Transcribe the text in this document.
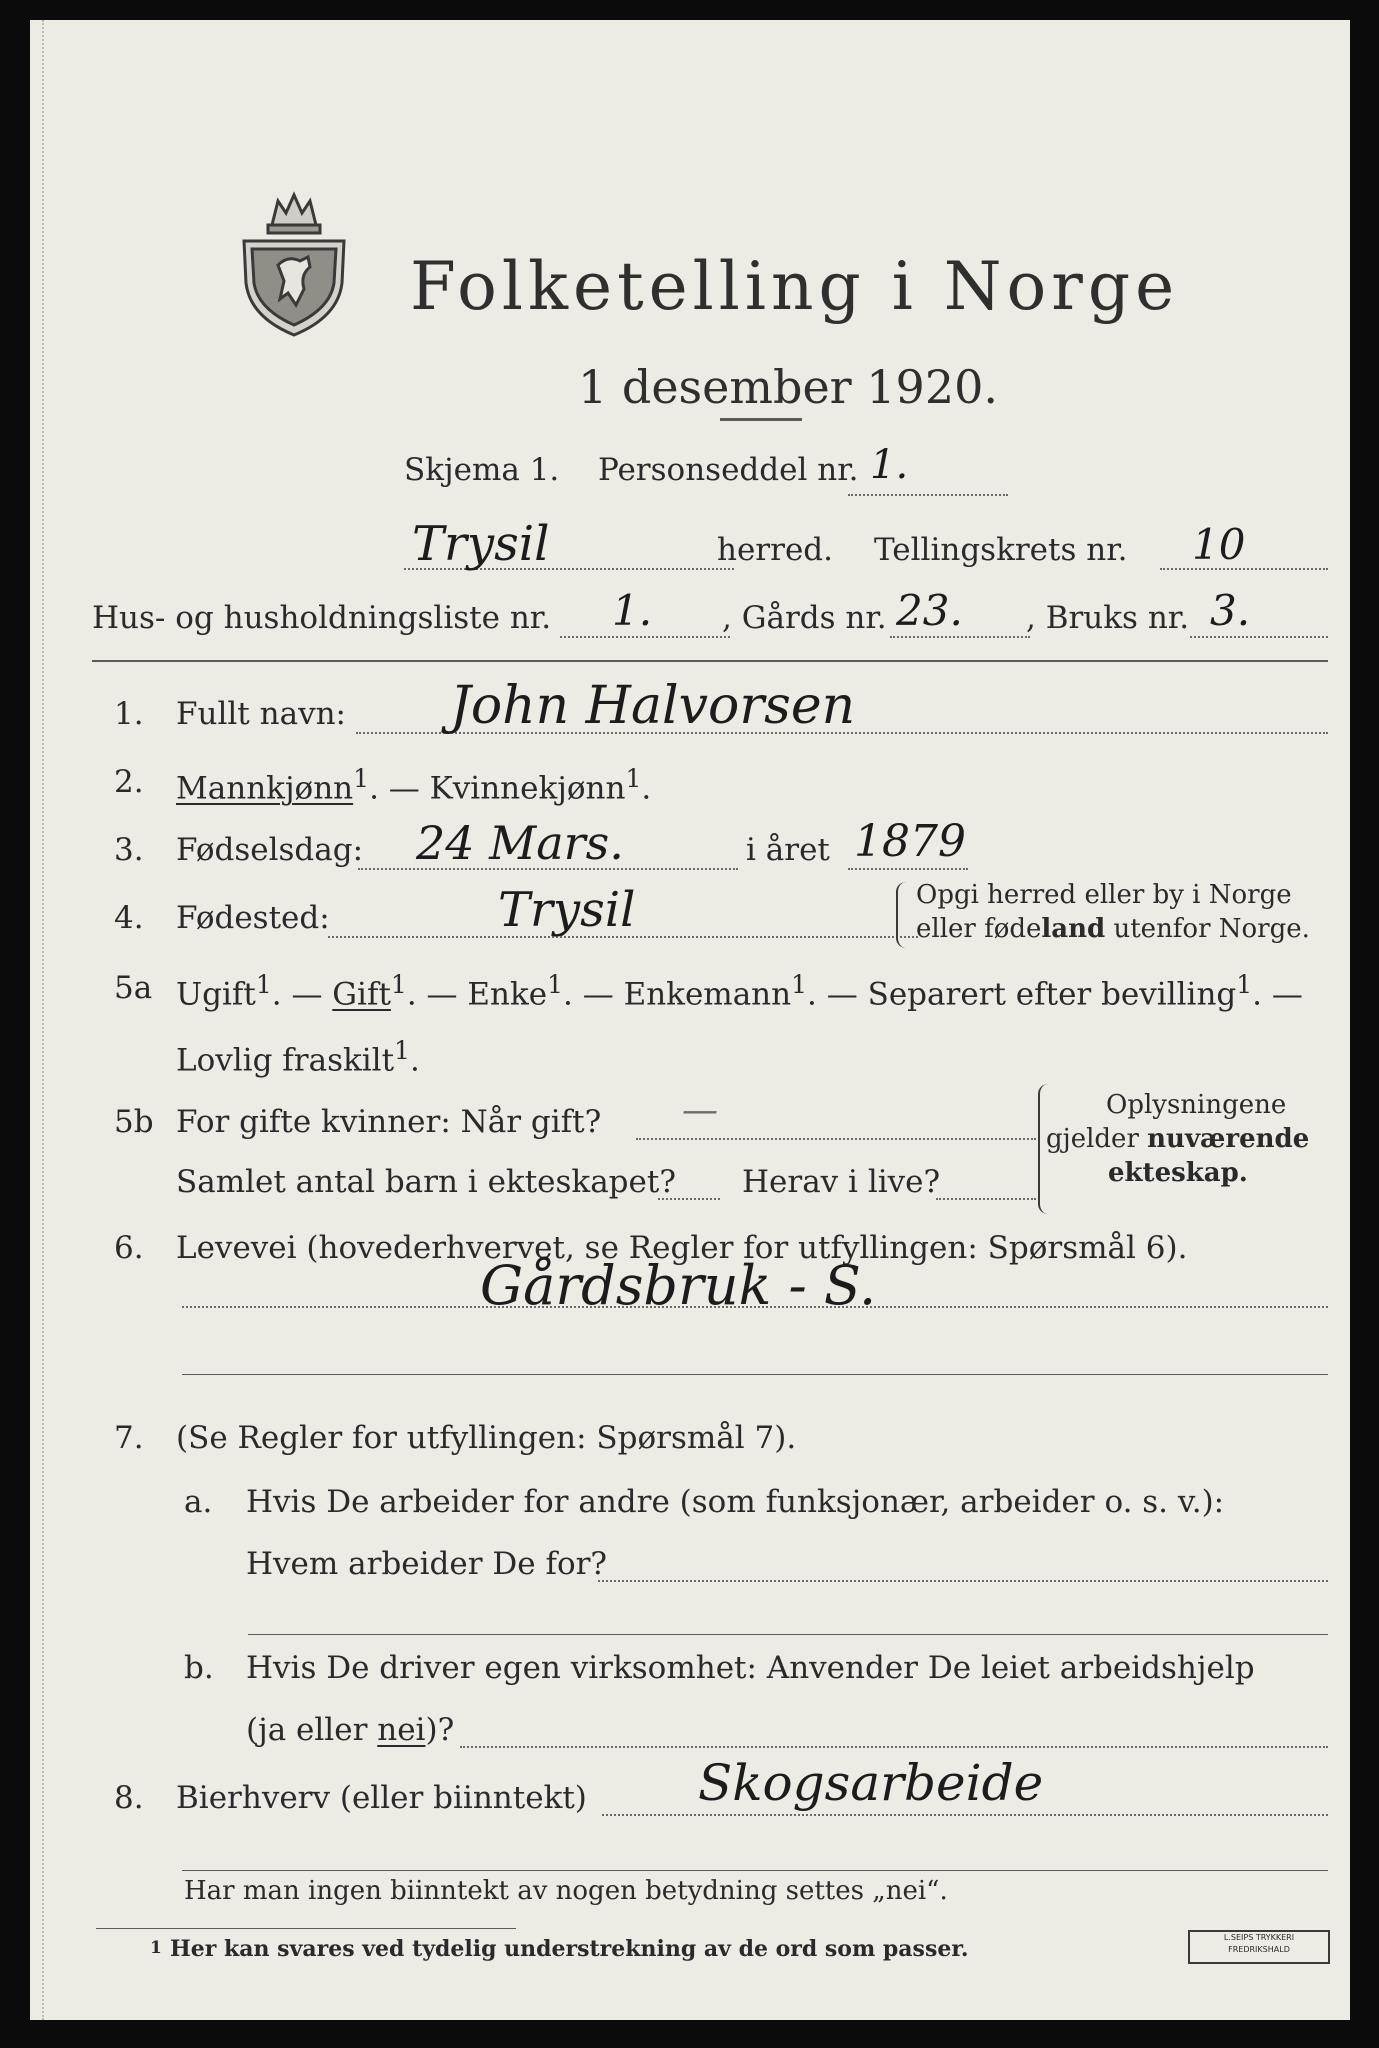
Folketelling i Norge
1 desember 1920.
Skjema 1. Personseddel nr. 1.
Trysil	herred. Tellingskrets nr. 10
Hus- og husholdningsliste nr. 1. , Gårds nr. 23. , Bruks nr. 3.
1. Fullt navn: John Halvorsen
2. Mannkjønn$^1$. — Kvinnekjønn$^1$.
3. Fødselsdag: 24 Mars.	i året 1879
4. Fødested:	Trysil	Opgi herred eller by i Norge
eller fødeland utenfor Norge.
5a Ugift$^1$. — Gift$^1$. — Enke$^1$. — Enkemann$^1$. — Separert efter bevilling$^1$. —
Lovlig fraskilt$^1$.
5b For gifte kvinner: Når gift? —
Samlet antal barn i ekteskapet? Herav i live?
Oplysningene
gjelder nuværende
ekteskap.
6. Levevei (hovederhvervet, se Regler for utfyllingen: Spørsmål 6).
Gårdsbruk - S.
7. (Se Regler for utfyllingen: Spørsmål 7).
a. Hvis De arbeider for andre (som funksjonær, arbeider o. s. v.):
Hvem arbeider De for?
b. Hvis De driver egen virksomhet: Anvender De leiet arbeidshjelp
(ja eller nei)?
8. Bierhverv (eller biinntekt) Skogsarbeide
Har man ingen biinntekt av nogen betydning settes „nei“.
1 Her kan svares ved tydelig understrekning av de ord som passer.	L.SEIPS TRYKKERI
FREDRIKSHALD
